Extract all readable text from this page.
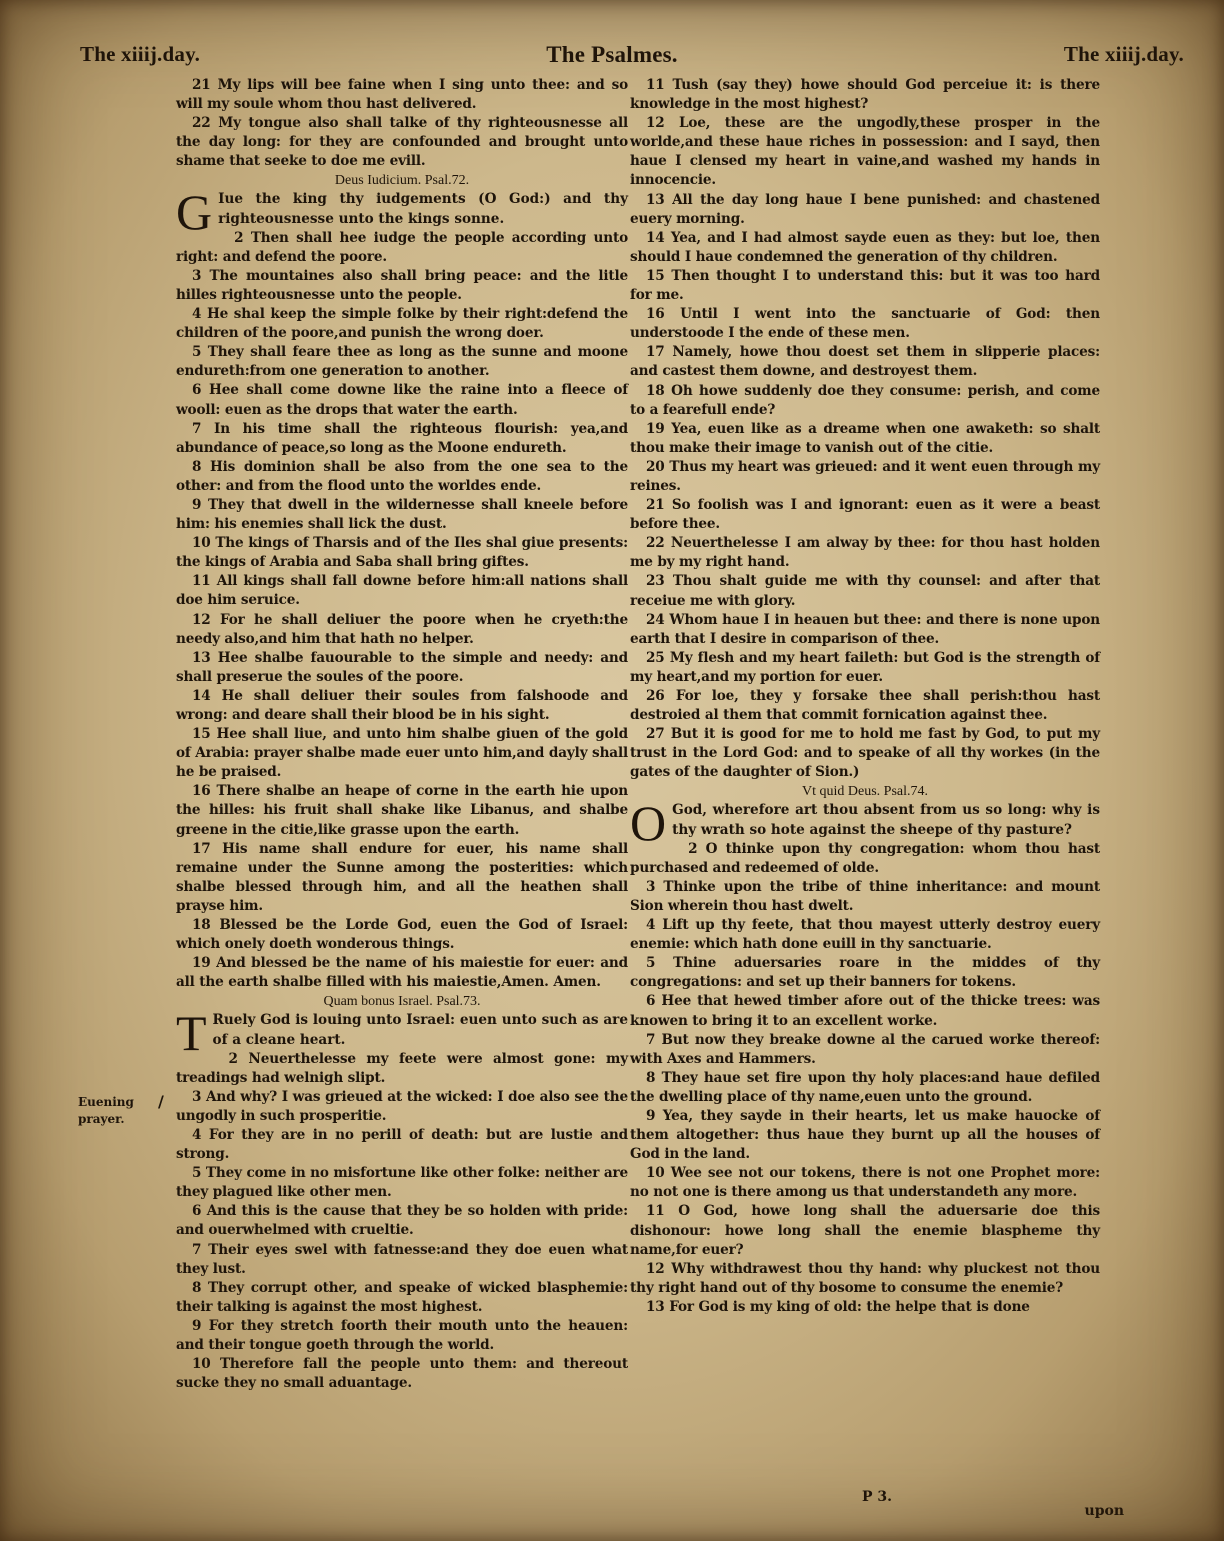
The xiiij.day.	The Psalmes.	The xiiij.day.

21 My lips will bee faine when I sing unto thee: and so will my soule whom thou hast delivered.

22 My tongue also shall talke of thy righteousnesse all the day long: for they are confounded and brought unto shame that seeke to doe me evill.

Deus Iudicium. Psal.72.

G Iue the king thy iudgements (O God:) and thy righteousnesse unto the kings sonne.

2 Then shall hee iudge the people according unto right: and defend the poore.

3 The mountaines also shall bring peace: and the litle hilles righteousnesse unto the people.

4 He shal keep the simple folke by their right:defend the children of the poore,and punish the wrong doer.

5 They shall feare thee as long as the sunne and moone endureth:from one generation to another.

6 Hee shall come downe like the raine into a fleece of wooll: euen as the drops that water the earth.

7 In his time shall the righteous flourish: yea,and abundance of peace,so long as the Moone endureth.

8 His dominion shall be also from the one sea to the other: and from the flood unto the worldes ende.

9 They that dwell in the wildernesse shall kneele before him: his enemies shall lick the dust.

10 The kings of Tharsis and of the Iles shal giue presents: the kings of Arabia and Saba shall bring giftes.

11 All kings shall fall downe before him:all nations shall doe him seruice.

12 For he shall deliuer the poore when he cryeth:the needy also,and him that hath no helper.

13 Hee shalbe fauourable to the simple and needy: and shall preserue the soules of the poore.

14 He shall deliuer their soules from falshoode and wrong: and deare shall their blood be in his sight.

15 Hee shall liue, and unto him shalbe giuen of the gold of Arabia: prayer shalbe made euer unto him,and dayly shall he be praised.

16 There shalbe an heape of corne in the earth hie upon the hilles: his fruit shall shake like Libanus, and shalbe greene in the citie,like grasse upon the earth.

17 His name shall endure for euer, his name shall remaine under the Sunne among the posterities: which shalbe blessed through him, and all the heathen shall prayse him.

18 Blessed be the Lorde God, euen the God of Israel: which onely doeth wonderous things.

19 And blessed be the name of his maiestie for euer: and all the earth shalbe filled with his maiestie,Amen. Amen.

Quam bonus Israel. Psal.73.

T Ruely God is louing unto Israel: euen unto such as are of a cleane heart.

2 Neuerthelesse my feete were almost gone: my treadings had welnigh slipt.

3 And why? I was grieued at the wicked: I doe also see the ungodly in such prosperitie.

4 For they are in no perill of death: but are lustie and strong.

5 They come in no misfortune like other folke: neither are they plagued like other men.

6 And this is the cause that they be so holden with pride: and ouerwhelmed with crueltie.

7 Their eyes swel with fatnesse:and they doe euen what they lust.

8 They corrupt other, and speake of wicked blasphemie: their talking is against the most highest.

9 For they stretch foorth their mouth unto the heauen: and their tongue goeth through the world.

10 Therefore fall the people unto them: and thereout sucke they no small aduantage.

11 Tush (say they) howe should God perceiue it: is there knowledge in the most highest?

12 Loe, these are the ungodly,these prosper in the worlde,and these haue riches in possession: and I sayd, then haue I clensed my heart in vaine,and washed my hands in innocencie.

13 All the day long haue I bene punished: and chastened euery morning.

14 Yea, and I had almost sayde euen as they: but loe, then should I haue condemned the generation of thy children.

15 Then thought I to understand this: but it was too hard for me.

16 Until I went into the sanctuarie of God: then understoode I the ende of these men.

17 Namely, howe thou doest set them in slipperie places: and castest them downe, and destroyest them.

18 Oh howe suddenly doe they consume: perish, and come to a fearefull ende?

19 Yea, euen like as a dreame when one awaketh: so shalt thou make their image to vanish out of the citie.

20 Thus my heart was grieued: and it went euen through my reines.

21 So foolish was I and ignorant: euen as it were a beast before thee.

22 Neuerthelesse I am alway by thee: for thou hast holden me by my right hand.

23 Thou shalt guide me with thy counsel: and after that receiue me with glory.

24 Whom haue I in heauen but thee: and there is none upon earth that I desire in comparison of thee.

25 My flesh and my heart faileth: but God is the strength of my heart,and my portion for euer.

26 For loe, they y forsake thee shall perish:thou hast destroied al them that commit fornication against thee.

27 But it is good for me to hold me fast by God, to put my trust in the Lord God: and to speake of all thy workes (in the gates of the daughter of Sion.)

Vt quid Deus. Psal.74.

O God, wherefore art thou absent from us so long: why is thy wrath so hote against the sheepe of thy pasture?

2 O thinke upon thy congregation: whom thou hast purchased and redeemed of olde.

3 Thinke upon the tribe of thine inheritance: and mount Sion wherein thou hast dwelt.

4 Lift up thy feete, that thou mayest utterly destroy euery enemie: which hath done euill in thy sanctuarie.

5 Thine aduersaries roare in the middes of thy congregations: and set up their banners for tokens.

6 Hee that hewed timber afore out of the thicke trees: was knowen to bring it to an excellent worke.

7 But now they breake downe al the carued worke thereof: with Axes and Hammers.

8 They haue set fire upon thy holy places:and haue defiled the dwelling place of thy name,euen unto the ground.

9 Yea, they sayde in their hearts, let us make hauocke of them altogether: thus haue they burnt up all the houses of God in the land.

10 Wee see not our tokens, there is not one Prophet more: no not one is there among us that understandeth any more.

11 O God, howe long shall the aduersarie doe this dishonour: howe long shall the enemie blaspheme thy name,for euer?

12 Why withdrawest thou thy hand: why pluckest not thou thy right hand out of thy bosome to consume the enemie?

13 For God is my king of old: the helpe that is done

Euening prayer.
/
P 3.
upon
